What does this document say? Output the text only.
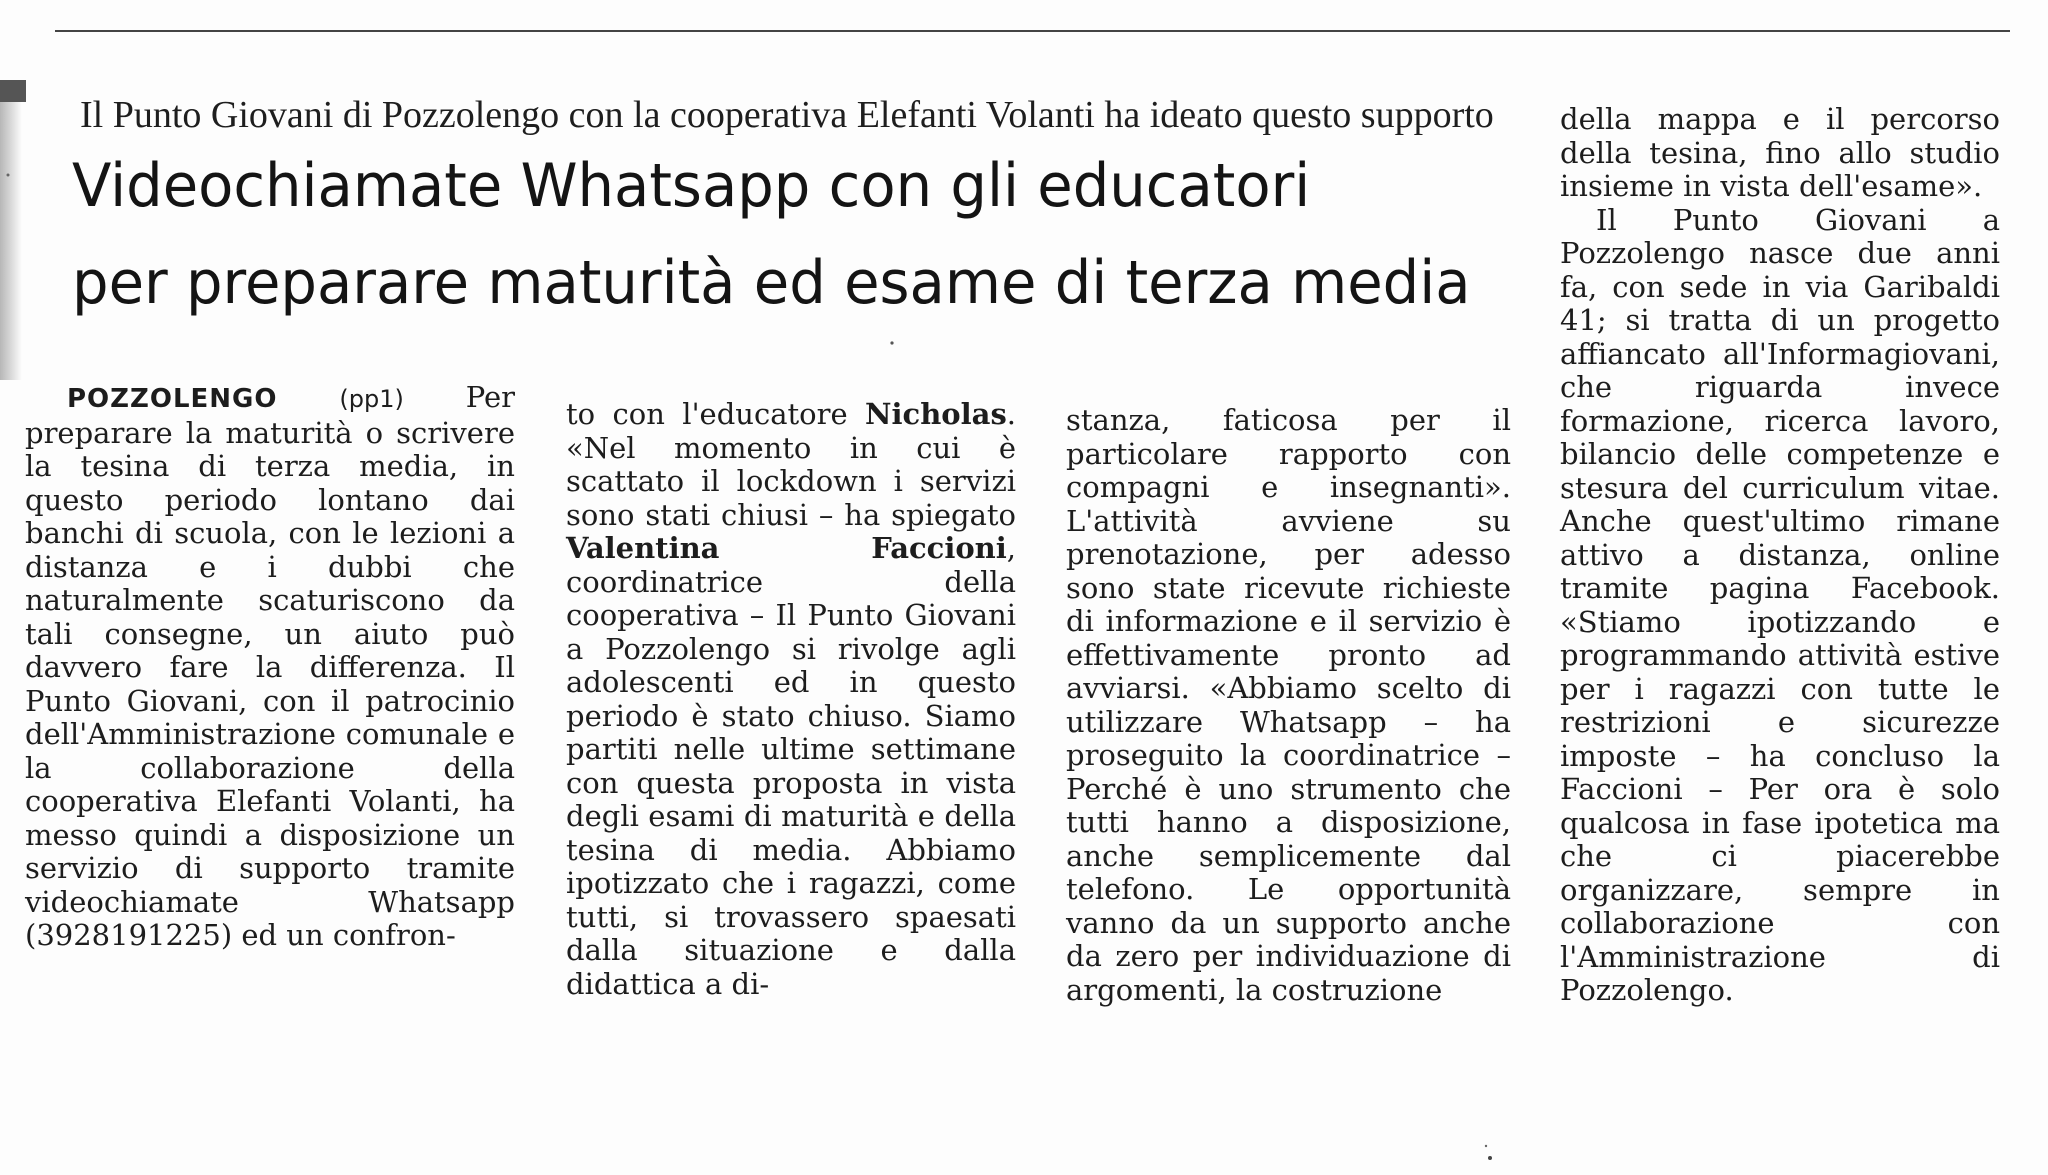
Il Punto Giovani di Pozzolengo con la cooperativa Elefanti Volanti ha ideato questo supporto
Videochiamate Whatsapp con gli educatori
per preparare maturità ed esame di terza media

POZZOLENGO	(pp1) Per preparare la maturità o scrivere la tesina di terza media, in questo periodo lontano dai banchi di scuola, con le lezioni a distanza e i dubbi che naturalmente scaturiscono da tali consegne, un aiuto può davvero fare la differenza. Il Punto Giovani, con il patrocinio dell'Amministrazione comunale e la collaborazione della cooperativa Elefanti Volanti, ha messo quindi a disposizione un servizio di supporto tramite videochiamate Whatsapp (3928191225) ed un confron-

to con l'educatore Nicholas. «Nel momento in cui è scattato il lockdown i servizi sono stati chiusi – ha spiegato Valentina Faccioni, coordinatrice della cooperativa – Il Punto Giovani a Pozzolengo si rivolge agli adolescenti ed in questo periodo è stato chiuso. Siamo partiti nelle ultime settimane con questa proposta in vista degli esami di maturità e della tesina di media. Abbiamo ipotizzato che i ragazzi, come tutti, si trovassero spaesati dalla situazione e dalla didattica a di-

stanza, faticosa per il particolare rapporto con compagni e insegnanti». L'attività avviene su prenotazione, per adesso sono state ricevute richieste di informazione e il servizio è effettivamente pronto ad avviarsi. «Abbiamo scelto di utilizzare Whatsapp – ha proseguito la coordinatrice – Perché è uno strumento che tutti hanno a disposizione, anche semplicemente dal telefono. Le opportunità vanno da un supporto anche da zero per individuazione di argomenti, la costruzione

della mappa e il percorso della tesina, fino allo studio insieme in vista dell'esame».

Il Punto Giovani a Pozzolengo nasce due anni fa, con sede in via Garibaldi 41; si tratta di un progetto affiancato all'Informagiovani, che riguarda invece formazione, ricerca lavoro, bilancio delle competenze e stesura del curriculum vitae. Anche quest'ultimo rimane attivo a distanza, online tramite pagina Facebook. «Stiamo ipotizzando e programmando attività estive per i ragazzi con tutte le restrizioni e sicurezze imposte – ha concluso la Faccioni – Per ora è solo qualcosa in fase ipotetica ma che ci piacerebbe organizzare, sempre in collaborazione con l'Amministrazione di Pozzolengo.
